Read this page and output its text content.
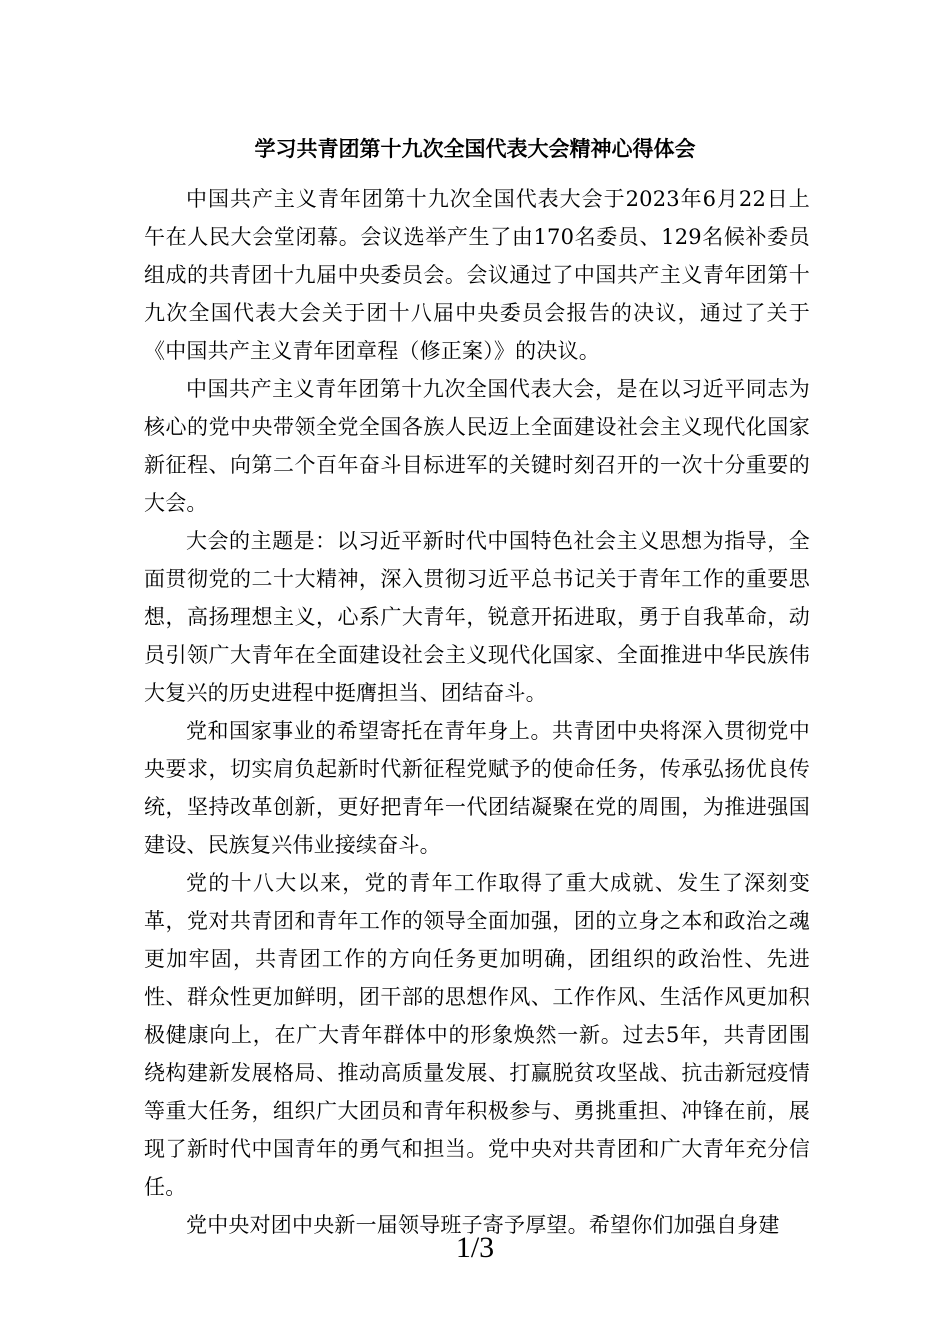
学习共青团第十九次全国代表大会精神心得体会

中国共产主义青年团第十九次全国代表大会于2023年6月22日上午在人民大会堂闭幕。会议选举产生了由170名委员、129名候补委员组成的共青团十九届中央委员会。会议通过了中国共产主义青年团第十九次全国代表大会关于团十八届中央委员会报告的决议，通过了关于《中国共产主义青年团章程（修正案）》的决议。

中国共产主义青年团第十九次全国代表大会，是在以习近平同志为核心的党中央带领全党全国各族人民迈上全面建设社会主义现代化国家新征程、向第二个百年奋斗目标进军的关键时刻召开的一次十分重要的大会。

大会的主题是：以习近平新时代中国特色社会主义思想为指导，全面贯彻党的二十大精神，深入贯彻习近平总书记关于青年工作的重要思想，高扬理想主义，心系广大青年，锐意开拓进取，勇于自我革命，动员引领广大青年在全面建设社会主义现代化国家、全面推进中华民族伟大复兴的历史进程中挺膺担当、团结奋斗。

党和国家事业的希望寄托在青年身上。共青团中央将深入贯彻党中央要求，切实肩负起新时代新征程党赋予的使命任务，传承弘扬优良传统，坚持改革创新，更好把青年一代团结凝聚在党的周围，为推进强国建设、民族复兴伟业接续奋斗。

党的十八大以来，党的青年工作取得了重大成就、发生了深刻变革，党对共青团和青年工作的领导全面加强，团的立身之本和政治之魂更加牢固，共青团工作的方向任务更加明确，团组织的政治性、先进性、群众性更加鲜明，团干部的思想作风、工作作风、生活作风更加积极健康向上，在广大青年群体中的形象焕然一新。过去5年，共青团围绕构建新发展格局、推动高质量发展、打赢脱贫攻坚战、抗击新冠疫情等重大任务，组织广大团员和青年积极参与、勇挑重担、冲锋在前，展现了新时代中国青年的勇气和担当。党中央对共青团和广大青年充分信任。

党中央对团中央新一届领导班子寄予厚望。希望你们加强自身建

1/3
